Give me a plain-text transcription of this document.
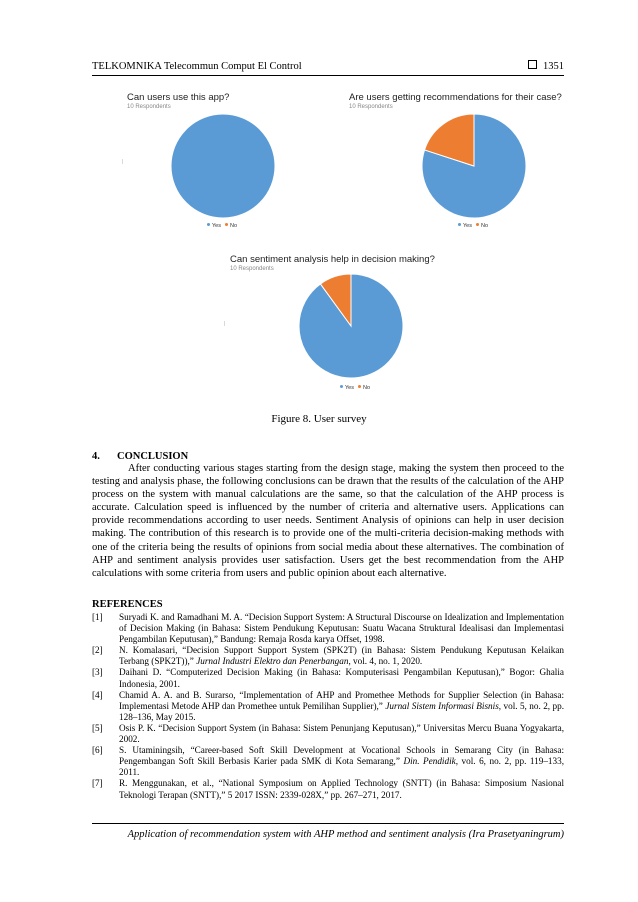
TELKOMNIKA Telecommun Comput El Control	1351
Can users use this app?
10 Respondents
|
Yes No
Are users getting recommendations for their case?
10 Respondents
Yes No
Can sentiment analysis help in decision making?
10 Respondents
|
Yes No
Figure 8. User survey
4. CONCLUSION

After conducting various stages starting from the design stage, making the system then proceed to the testing and analysis phase, the following conclusions can be drawn that the results of the calculation of the AHP process on the system with manual calculations are the same, so that the calculation of the AHP process is accurate. Calculation speed is influenced by the number of criteria and alternative users. Applications can provide recommendations according to user needs. Sentiment Analysis of opinions can help in user decision making. The contribution of this research is to provide one of the multi-criteria decision-making methods with one of the criteria being the results of opinions from social media about these alternatives. The combination of AHP and sentiment analysis provides user satisfaction. Users get the best recommendation from the AHP calculations with some criteria from users and public opinion about each alternative.

REFERENCES
[1] Suryadi K. and Ramadhani M. A. “Decision Support System: A Structural Discourse on Idealization and Implementation of Decision Making (in Bahasa: Sistem Pendukung Keputusan: Suatu Wacana Struktural Idealisasi dan Implementasi Pengambilan Keputusan),” Bandung: Remaja Rosda karya Offset, 1998.
[2] N. Komalasari, “Decision Support Support System (SPK2T) (in Bahasa: Sistem Pendukung Keputusan Kelaikan Terbang (SPK2T)),” Jurnal Industri Elektro dan Penerbangan, vol. 4, no. 1, 2020.
[3] Daihani D. “Computerized Decision Making (in Bahasa: Komputerisasi Pengambilan Keputusan),” Bogor: Ghalia Indonesia, 2001.
[4] Chamid A. A. and B. Surarso, “Implementation of AHP and Promethee Methods for Supplier Selection (in Bahasa: Implementasi Metode AHP dan Promethee untuk Pemilihan Supplier),” Jurnal Sistem Informasi Bisnis, vol. 5, no. 2, pp. 128–136, May 2015.
[5] Osis P. K. “Decision Support System (in Bahasa: Sistem Penunjang Keputusan),” Universitas Mercu Buana Yogyakarta, 2002.
[6] S. Utaminingsih, “Career-based Soft Skill Development at Vocational Schools in Semarang City (in Bahasa: Pengembangan Soft Skill Berbasis Karier pada SMK di Kota Semarang,” Din. Pendidik, vol. 6, no. 2, pp. 119–133, 2011.
[7] R. Menggunakan, et al., “National Symposium on Applied Technology (SNTT) (in Bahasa: Simposium Nasional Teknologi Terapan (SNTT),” 5 2017 ISSN: 2339-028X,” pp. 267–271, 2017.
Application of recommendation system with AHP method and sentiment analysis (Ira Prasetyaningrum)
